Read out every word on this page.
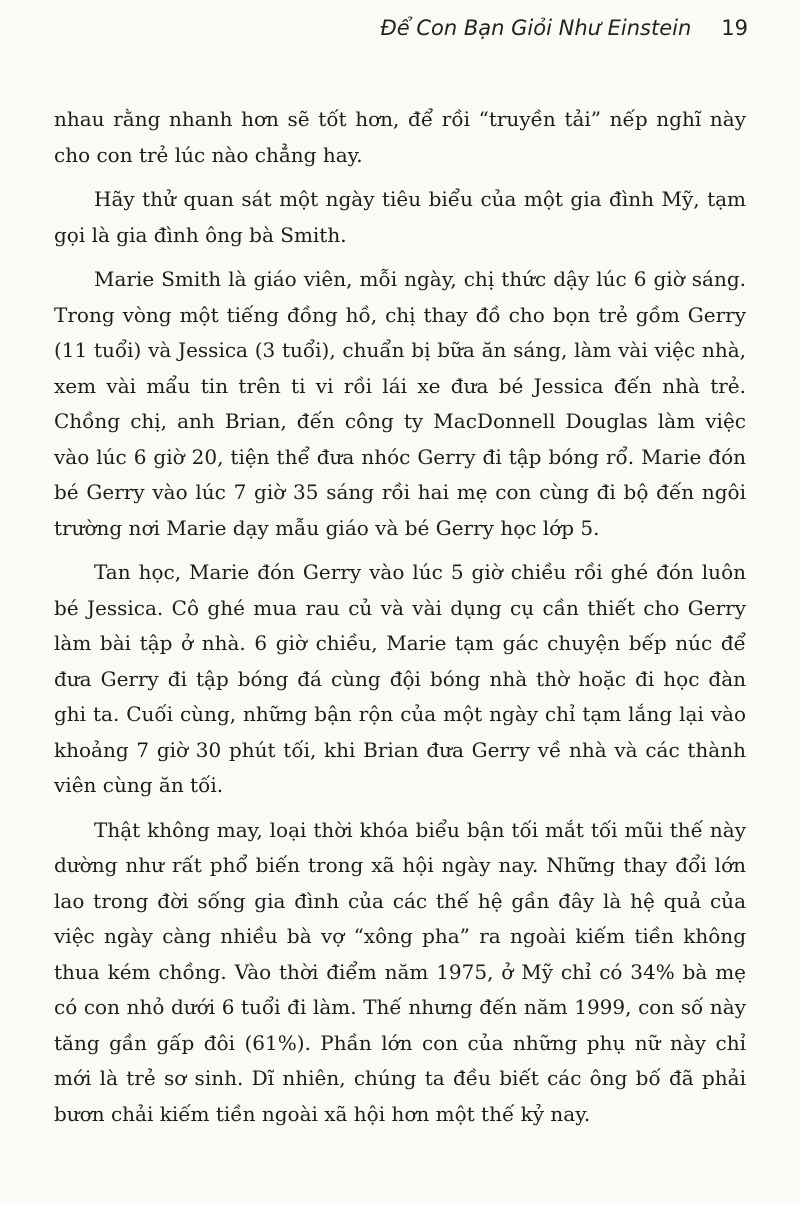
Để Con Bạn Giỏi Như Einstein 19

nhau rằng nhanh hơn sẽ tốt hơn, để rồi “truyền tải” nếp nghĩ này cho con trẻ lúc nào chẳng hay.

Hãy thử quan sát một ngày tiêu biểu của một gia đình Mỹ, tạm gọi là gia đình ông bà Smith.

Marie Smith là giáo viên, mỗi ngày, chị thức dậy lúc 6 giờ sáng. Trong vòng một tiếng đồng hồ, chị thay đồ cho bọn trẻ gồm Gerry (11 tuổi) và Jessica (3 tuổi), chuẩn bị bữa ăn sáng, làm vài việc nhà, xem vài mẩu tin trên ti vi rồi lái xe đưa bé Jessica đến nhà trẻ. Chồng chị, anh Brian, đến công ty MacDonnell Douglas làm việc vào lúc 6 giờ 20, tiện thể đưa nhóc Gerry đi tập bóng rổ. Marie đón bé Gerry vào lúc 7 giờ 35 sáng rồi hai mẹ con cùng đi bộ đến ngôi trường nơi Marie dạy mẫu giáo và bé Gerry học lớp 5.

Tan học, Marie đón Gerry vào lúc 5 giờ chiều rồi ghé đón luôn bé Jessica. Cô ghé mua rau củ và vài dụng cụ cần thiết cho Gerry làm bài tập ở nhà. 6 giờ chiều, Marie tạm gác chuyện bếp núc để đưa Gerry đi tập bóng đá cùng đội bóng nhà thờ hoặc đi học đàn ghi ta. Cuối cùng, những bận rộn của một ngày chỉ tạm lắng lại vào khoảng 7 giờ 30 phút tối, khi Brian đưa Gerry về nhà và các thành viên cùng ăn tối.

Thật không may, loại thời khóa biểu bận tối mắt tối mũi thế này dường như rất phổ biến trong xã hội ngày nay. Những thay đổi lớn lao trong đời sống gia đình của các thế hệ gần đây là hệ quả của việc ngày càng nhiều bà vợ “xông pha” ra ngoài kiếm tiền không thua kém chồng. Vào thời điểm năm 1975, ở Mỹ chỉ có 34% bà mẹ có con nhỏ dưới 6 tuổi đi làm. Thế nhưng đến năm 1999, con số này tăng gần gấp đôi (61%). Phần lớn con của những phụ nữ này chỉ mới là trẻ sơ sinh. Dĩ nhiên, chúng ta đều biết các ông bố đã phải bươn chải kiếm tiền ngoài xã hội hơn một thế kỷ nay.
